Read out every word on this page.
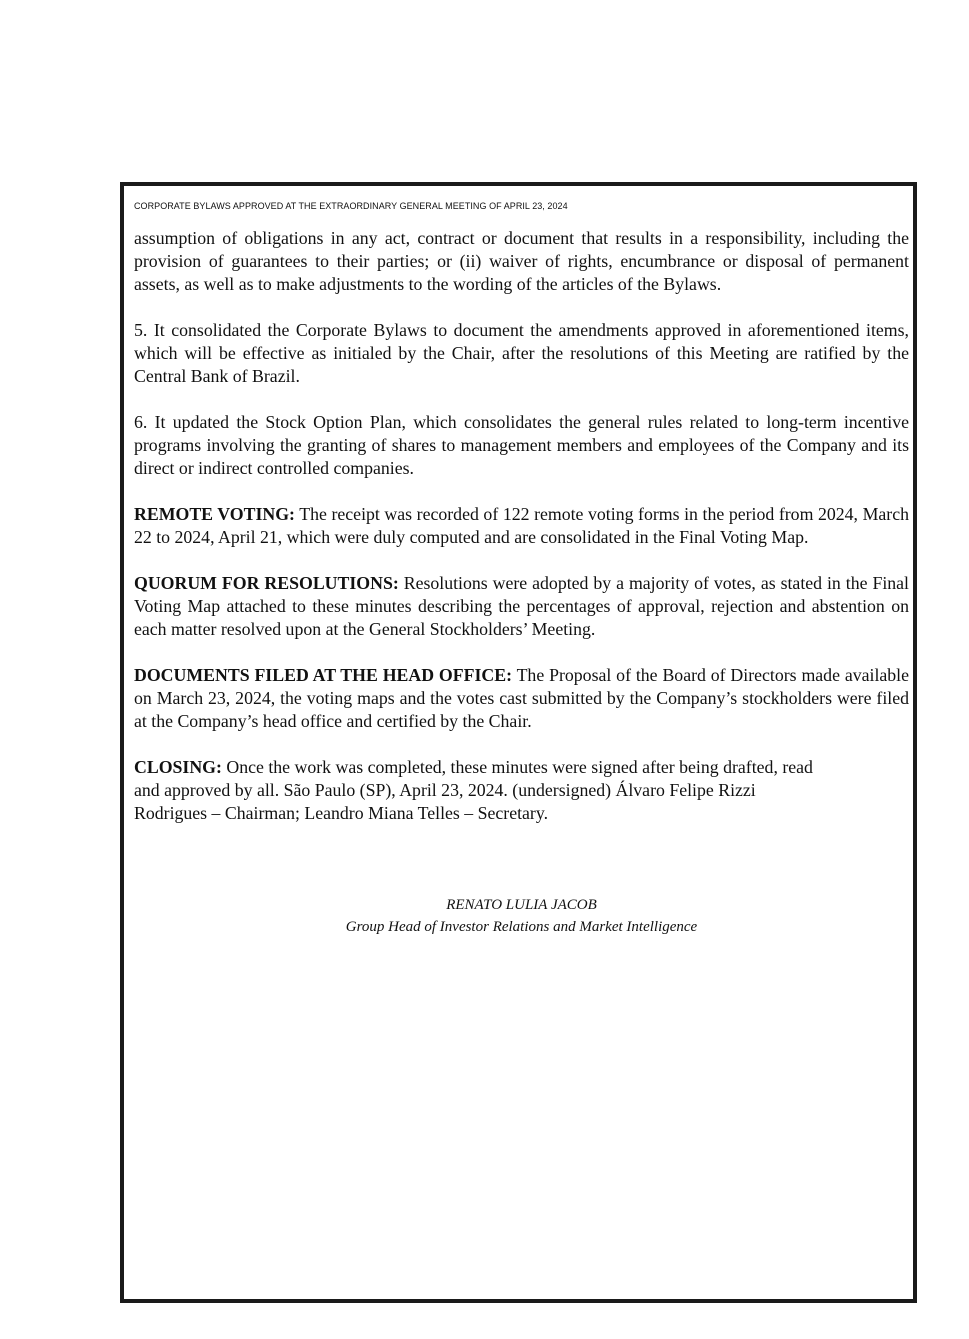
CORPORATE BYLAWS APPROVED AT THE EXTRAORDINARY GENERAL MEETING OF APRIL 23, 2024

assumption of obligations in any act, contract or document that results in a responsibility, including the provision of guarantees to their parties; or (ii) waiver of rights, encumbrance or disposal of permanent assets, as well as to make adjustments to the wording of the articles of the Bylaws.

5. It consolidated the Corporate Bylaws to document the amendments approved in aforementioned items, which will be effective as initialed by the Chair, after the resolutions of this Meeting are ratified by the Central Bank of Brazil.

6. It updated the Stock Option Plan, which consolidates the general rules related to long-term incentive programs involving the granting of shares to management members and employees of the Company and its direct or indirect controlled companies.

REMOTE VOTING: The receipt was recorded of 122 remote voting forms in the period from 2024, March 22 to 2024, April 21, which were duly computed and are consolidated in the Final Voting Map.

QUORUM FOR RESOLUTIONS: Resolutions were adopted by a majority of votes, as stated in the Final Voting Map attached to these minutes describing the percentages of approval, rejection and abstention on each matter resolved upon at the General Stockholders’ Meeting.

DOCUMENTS FILED AT THE HEAD OFFICE: The Proposal of the Board of Directors made available on March 23, 2024, the voting maps and the votes cast submitted by the Company’s stockholders were filed at the Company’s head office and certified by the Chair.

CLOSING: Once the work was completed, these minutes were signed after being drafted, read
and approved by all. São Paulo (SP), April 23, 2024. (undersigned) Álvaro Felipe Rizzi
Rodrigues – Chairman; Leandro Miana Telles – Secretary.

RENATO LULIA JACOB
Group Head of Investor Relations and Market Intelligence
